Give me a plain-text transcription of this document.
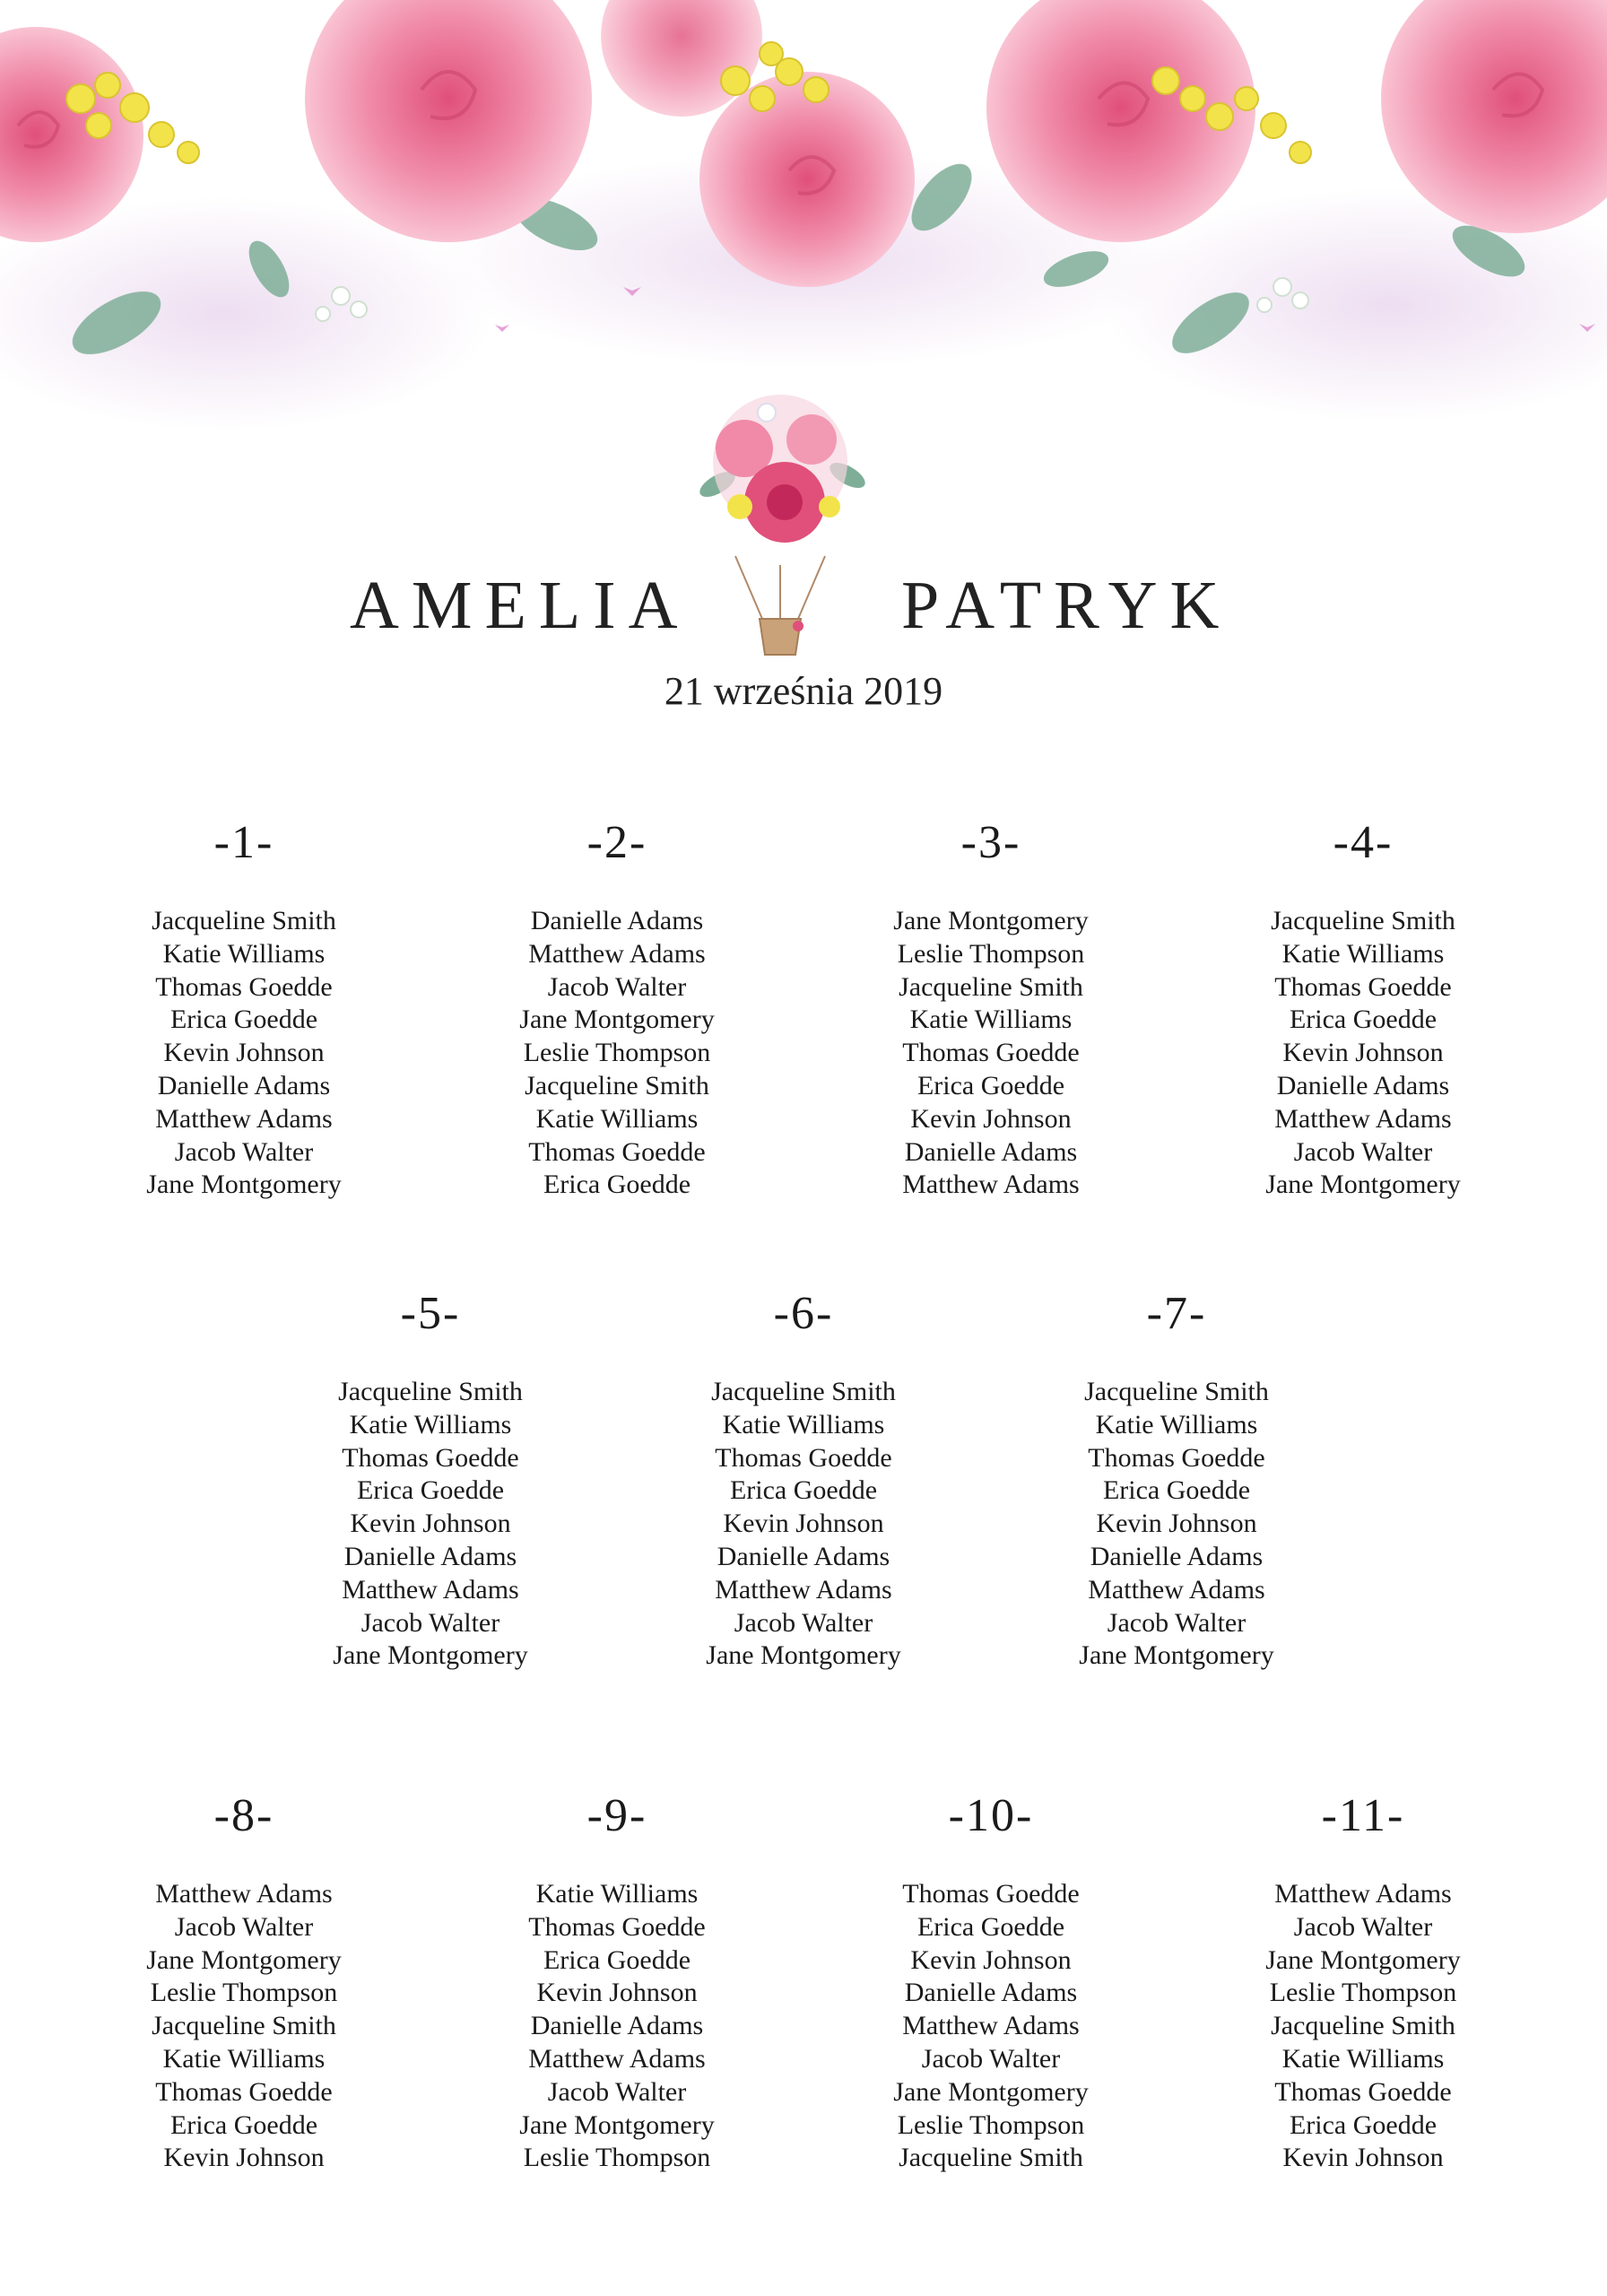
AMELIA	PATRYK
21 września 2019
-1-
Jacqueline Smith
Katie Williams
Thomas Goedde
Erica Goedde
Kevin Johnson
Danielle Adams
Matthew Adams
Jacob Walter
Jane Montgomery
-2-
Danielle Adams
Matthew Adams
Jacob Walter
Jane Montgomery
Leslie Thompson
Jacqueline Smith
Katie Williams
Thomas Goedde
Erica Goedde
-3-
Jane Montgomery
Leslie Thompson
Jacqueline Smith
Katie Williams
Thomas Goedde
Erica Goedde
Kevin Johnson
Danielle Adams
Matthew Adams
-4-
Jacqueline Smith
Katie Williams
Thomas Goedde
Erica Goedde
Kevin Johnson
Danielle Adams
Matthew Adams
Jacob Walter
Jane Montgomery
-5-
Jacqueline Smith
Katie Williams
Thomas Goedde
Erica Goedde
Kevin Johnson
Danielle Adams
Matthew Adams
Jacob Walter
Jane Montgomery
-6-
Jacqueline Smith
Katie Williams
Thomas Goedde
Erica Goedde
Kevin Johnson
Danielle Adams
Matthew Adams
Jacob Walter
Jane Montgomery
-7-
Jacqueline Smith
Katie Williams
Thomas Goedde
Erica Goedde
Kevin Johnson
Danielle Adams
Matthew Adams
Jacob Walter
Jane Montgomery
-8-
Matthew Adams
Jacob Walter
Jane Montgomery
Leslie Thompson
Jacqueline Smith
Katie Williams
Thomas Goedde
Erica Goedde
Kevin Johnson
-9-
Katie Williams
Thomas Goedde
Erica Goedde
Kevin Johnson
Danielle Adams
Matthew Adams
Jacob Walter
Jane Montgomery
Leslie Thompson
-10-
Thomas Goedde
Erica Goedde
Kevin Johnson
Danielle Adams
Matthew Adams
Jacob Walter
Jane Montgomery
Leslie Thompson
Jacqueline Smith
-11-
Matthew Adams
Jacob Walter
Jane Montgomery
Leslie Thompson
Jacqueline Smith
Katie Williams
Thomas Goedde
Erica Goedde
Kevin Johnson
